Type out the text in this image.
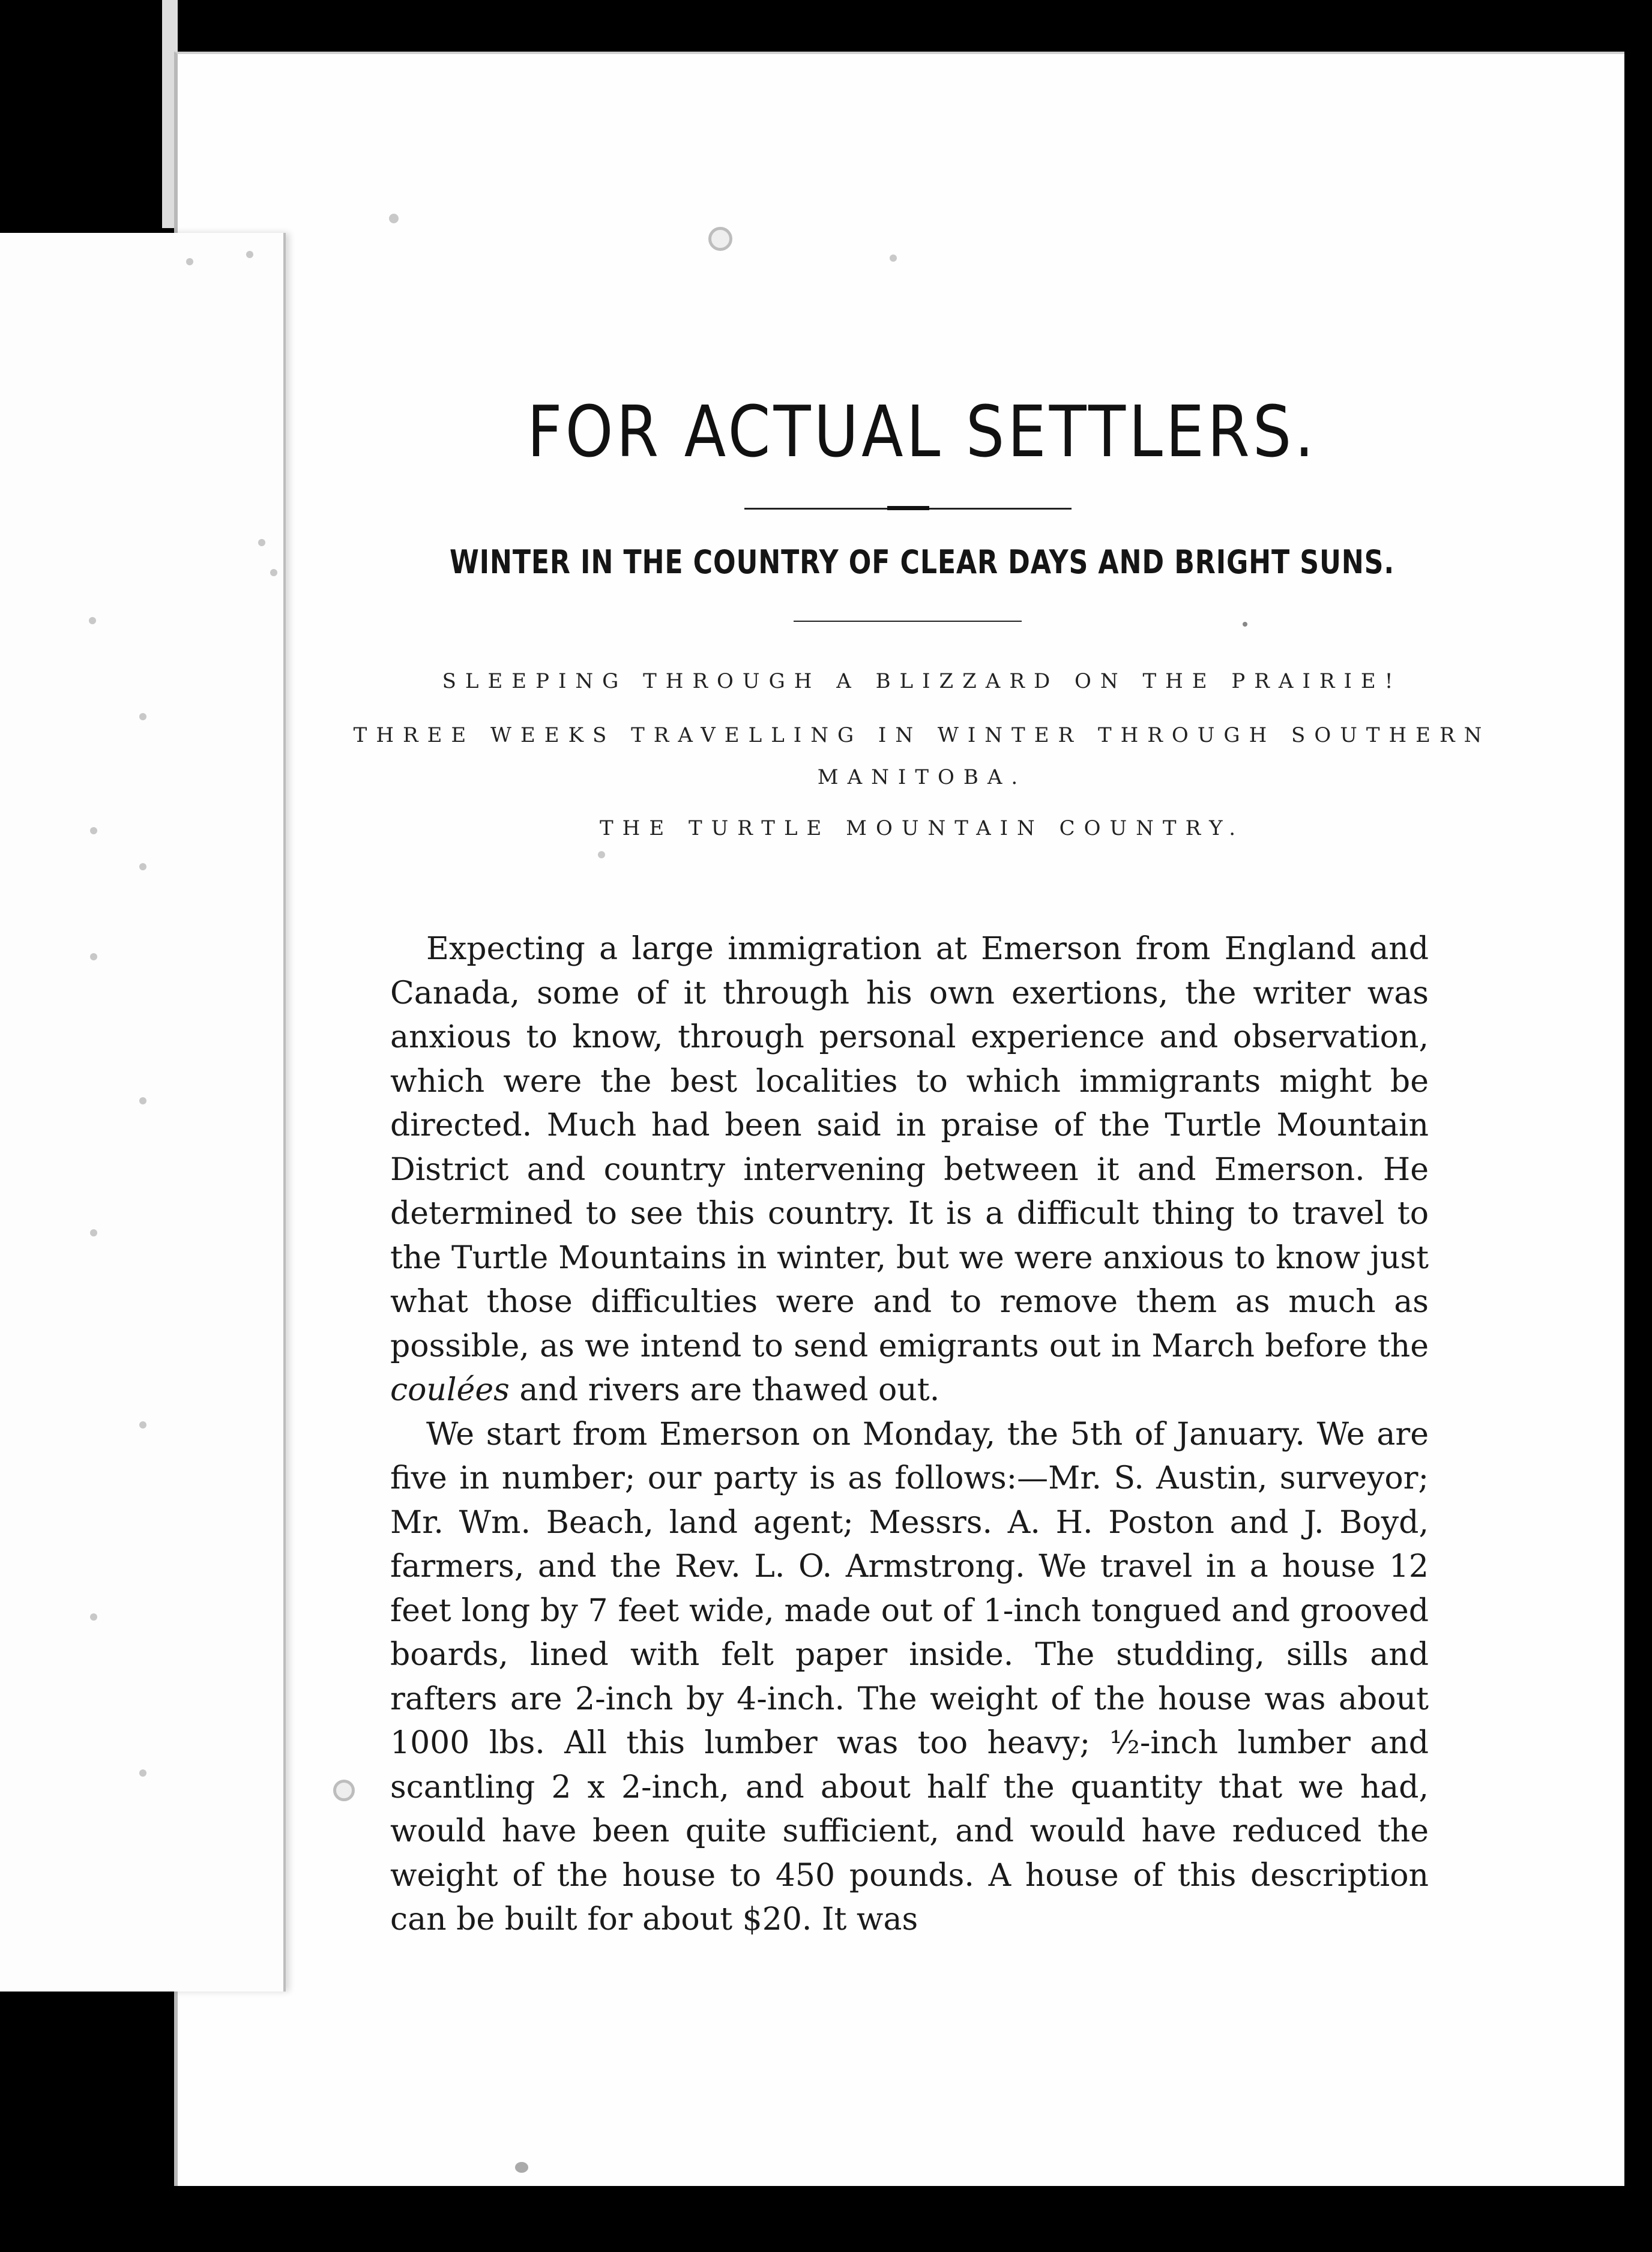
FOR ACTUAL SETTLERS.
WINTER IN THE COUNTRY OF CLEAR DAYS AND BRIGHT SUNS.
SLEEPING THROUGH A BLIZZARD ON THE PRAIRIE!
THREE WEEKS TRAVELLING IN WINTER THROUGH SOUTHERN
MANITOBA.
THE TURTLE MOUNTAIN COUNTRY.

Expecting a large immigration at Emerson from England and Canada, some of it through his own exertions, the writer was anxious to know, through personal experience and observation, which were the best localities to which immigrants might be directed. Much had been said in praise of the Turtle Mountain District and country intervening between it and Emerson. He determined to see this country. It is a difficult thing to travel to the Turtle Mountains in winter, but we were anxious to know just what those difficulties were and to remove them as much as possible, as we intend to send emigrants out in March before the coulées and rivers are thawed out.

We start from Emerson on Monday, the 5th of January. We are five in number; our party is as follows:—Mr. S. Austin, surveyor; Mr. Wm. Beach, land agent; Messrs. A. H. Poston and J. Boyd, farmers, and the Rev. L. O. Armstrong. We travel in a house 12 feet long by 7 feet wide, made out of 1-inch tongued and grooved boards, lined with felt paper inside. The studding, sills and rafters are 2-inch by 4-inch. The weight of the house was about 1000 lbs. All this lumber was too heavy; ½-inch lumber and scantling 2 x 2-inch, and about half the quantity that we had, would have been quite sufficient, and would have reduced the weight of the house to 450 pounds. A house of this description can be built for about $20. It was
